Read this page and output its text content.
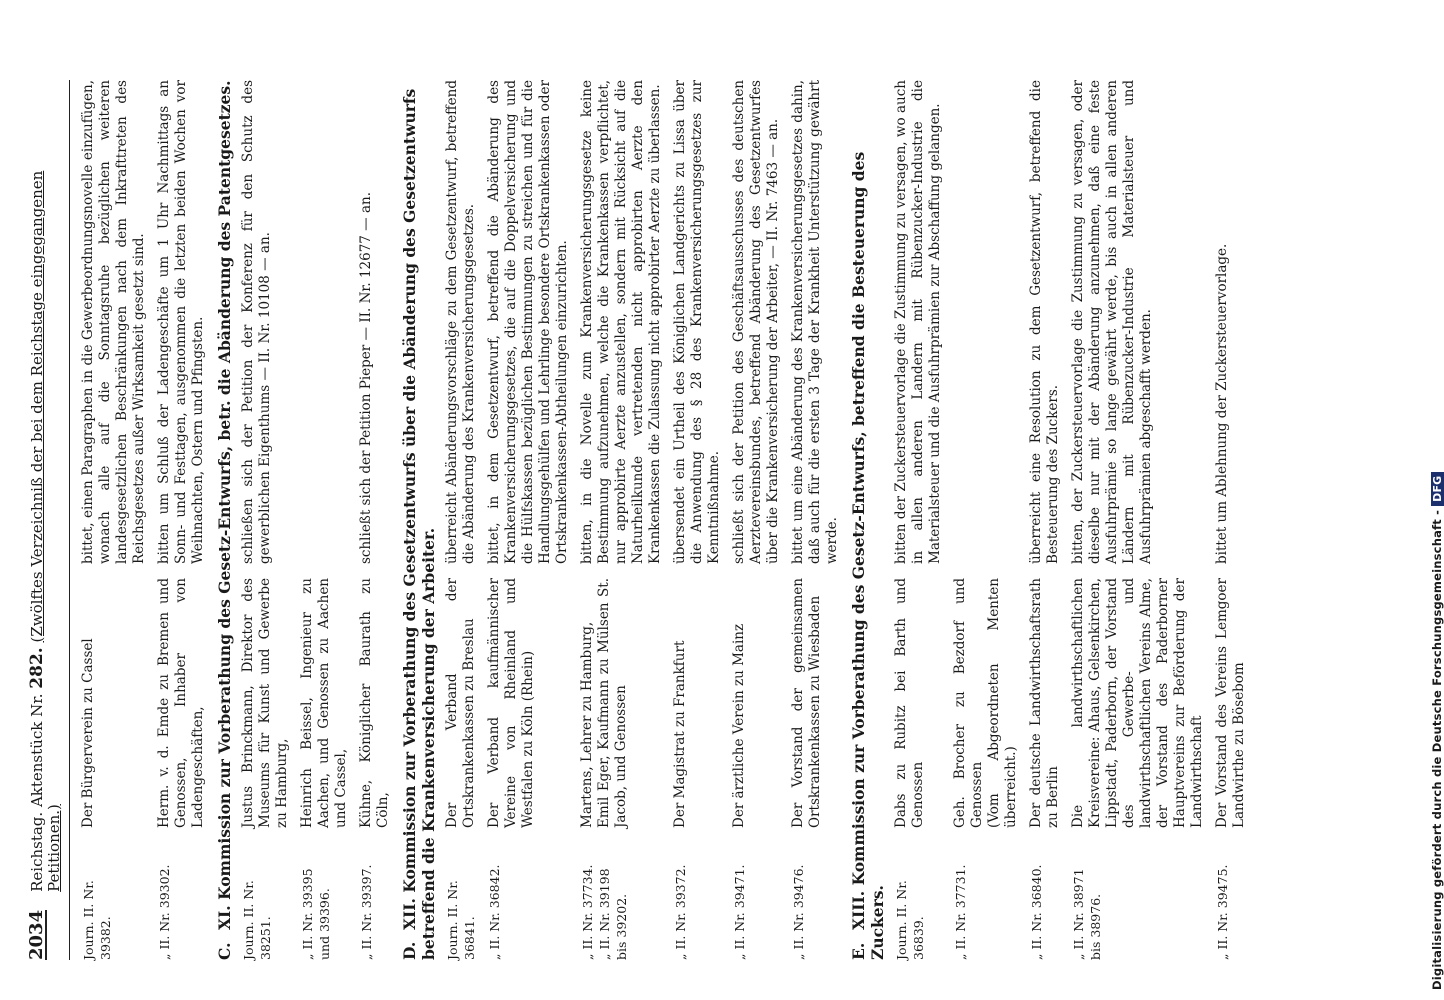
2034
Reichstag. Aktenstück Nr. 282. (Zwölftes Verzeichniß der bei dem Reichstage eingegangenen Petitionen.)
Journ. II. Nr. 39382.
Der Bürgerverein zu Cassel
bittet, einen Paragraphen in die Gewerbeordnungsnovelle einzufügen, wonach alle auf die Sonntagsruhe bezüglichen weiteren landesgesetzlichen Beschränkungen nach dem Inkrafttreten des Reichsgesetzes außer Wirksamkeit gesetzt sind.
„ II. Nr. 39302.
Herm. v. d. Emde zu Bremen und Genossen, Inhaber von Ladengeschäften,
bitten um Schluß der Ladengeschäfte um 1 Uhr Nachmittags an Sonn- und Festtagen, ausgenommen die letzten beiden Wochen vor Weihnachten, Ostern und Pfingsten.
C.XI. Kommission zur Vorberathung des Gesetz-Entwurfs, betr. die Abänderung des Patentgesetzes. Journ. II. Nr. 38251.
Justus Brinckmann, Direktor des Museums für Kunst und Gewerbe zu Hamburg,
schließen sich der Petition der Konferenz für den Schutz des gewerblichen Eigenthums — II. Nr. 10108 — an.
„ II. Nr. 39395
und 39396.
Heinrich Beissel, Ingenieur zu Aachen, und Genossen zu Aachen und Cassel,
„ II. Nr. 39397.
Kühne, Königlicher Baurath zu Cöln,
schließt sich der Petition Pieper — II. Nr. 12677 — an.
D.XII. Kommission zur Vorberathung des Gesetzentwurfs über die Abänderung des Gesetzentwurfs betreffend die Krankenversicherung der Arbeiter. Journ. II. Nr. 36841.
Der Verband der Ortskrankenkassen zu Breslau
überreicht Abänderungsvorschläge zu dem Gesetzentwurf, betreffend die Abänderung des Krankenversicherungsgesetzes.
„ II. Nr. 36842.
Der Verband kaufmännischer Vereine von Rheinland und Westfalen zu Köln (Rhein)
bittet, in dem Gesetzentwurf, betreffend die Abänderung des Krankenversicherungsgesetzes, die auf die Doppelversicherung und die Hülfskassen bezüglichen Bestimmungen zu streichen und für die Handlungsgehülfen und Lehrlinge besondere Ortskrankenkassen oder Ortskrankenkassen-Abtheilungen einzurichten.
„ II. Nr. 37734.
„ II. Nr. 39198
bis 39202.
Martens, Lehrer zu Hamburg,
Emil Eger, Kaufmann zu Mülsen St. Jacob, und Genossen
bitten, in die Novelle zum Krankenversicherungsgesetze keine Bestimmung aufzunehmen, welche die Krankenkassen verpflichtet, nur approbirte Aerzte anzustellen, sondern mit Rücksicht auf die Naturheilkunde vertretenden nicht approbirten Aerzte den Krankenkassen die Zulassung nicht approbirter Aerzte zu überlassen.
„ II. Nr. 39372.
Der Magistrat zu Frankfurt
übersendet ein Urtheil des Königlichen Landgerichts zu Lissa über die Anwendung des § 28 des Krankenversicherungsgesetzes zur Kenntnißnahme.
„ II. Nr. 39471.
Der ärztliche Verein zu Mainz
schließt sich der Petition des Geschäftsausschusses des deutschen Aerztevereinsbundes, betreffend Abänderung des Gesetzentwurfes über die Krankenversicherung der Arbeiter, — II. Nr. 7463 — an.
„ II. Nr. 39476.
Der Vorstand der gemeinsamen Ortskrankenkassen zu Wiesbaden
bittet um eine Abänderung des Krankenversicherungsgesetzes dahin, daß auch für die ersten 3 Tage der Krankheit Unterstützung gewährt werde.
E.XIII. Kommission zur Vorberathung des Gesetz-Entwurfs, betreffend die Besteuerung des Zuckers. Journ. II. Nr. 36839.
Dabs zu Rubitz bei Barth und Genossen
bitten der Zuckersteuervorlage die Zustimmung zu versagen, wo auch in allen anderen Landern mit Rübenzucker-Industrie die Materialsteuer und die Ausfuhrprämien zur Abschaffung gelangen.
„ II. Nr. 37731.
Geh. Brocher zu Bezdorf und Genossen
(Vom Abgeordneten Menten überreicht.)
„ II. Nr. 36840.
Der deutsche Landwirthschaftsrath zu Berlin
überreicht eine Resolution zu dem Gesetzentwurf, betreffend die Besteuerung des Zuckers.
„ II. Nr. 38971
bis 38976.
Die landwirthschaftlichen Kreisvereine: Ahaus, Gelsenkirchen, Lippstadt, Paderborn, der Vorstand des Gewerbe- und landwirthschaftlichen Vereins Alme, der Vorstand des Paderborner Hauptvereins zur Beförderung der Landwirthschaft
bitten, der Zuckersteuervorlage die Zustimmung zu versagen, oder dieselbe nur mit der Abänderung anzunehmen, daß eine feste Ausfuhrprämie so lange gewährt werde, bis auch in allen anderen Ländern mit Rübenzucker-Industrie Materialsteuer und Ausfuhrprämien abgeschafft werden.
„ II. Nr. 39475.
Der Vorstand des Vereins Lemgoer Landwirthe zu Bösebom
bittet um Ablehnung der Zuckersteuervorlage.
Digitalisierung gefördert durch die Deutsche Forschungsgemeinschaft -DFG
